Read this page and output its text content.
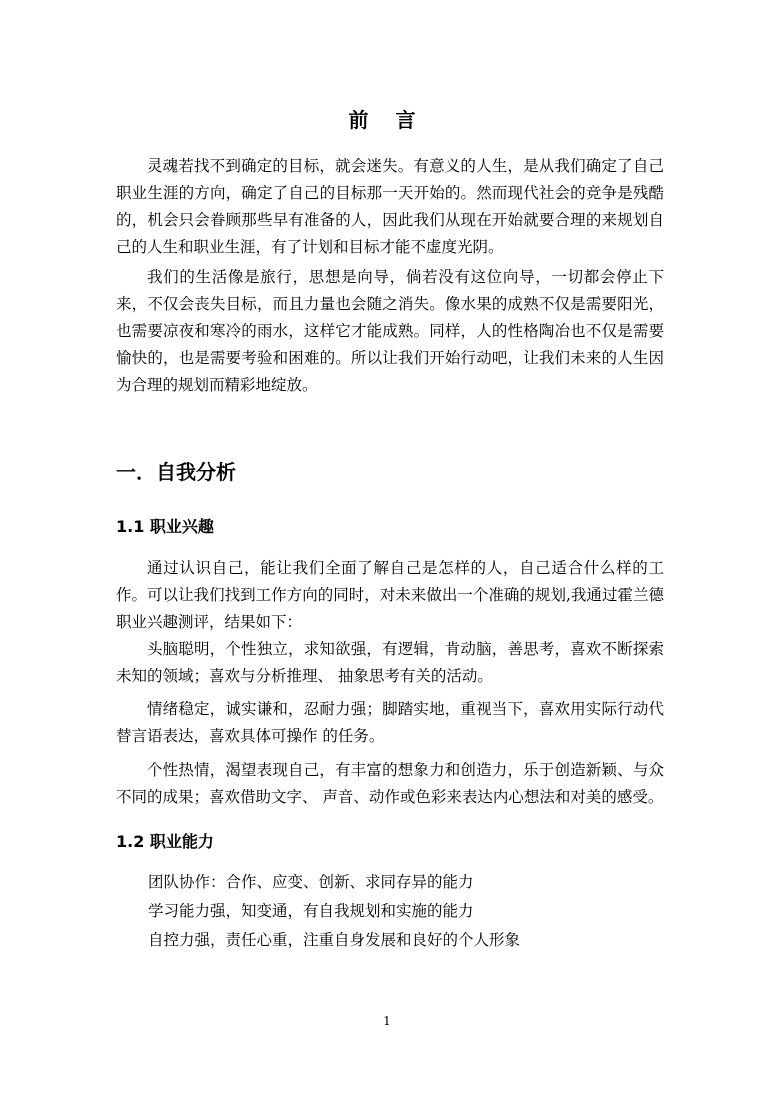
前 言

灵魂若找不到确定的目标，就会迷失。有意义的人生，是从我们确定了自己职业生涯的方向，确定了自己的目标那一天开始的。然而现代社会的竞争是残酷的，机会只会眷顾那些早有准备的人，因此我们从现在开始就要合理的来规划自己的人生和职业生涯，有了计划和目标才能不虚度光阴。

我们的生活像是旅行，思想是向导，倘若没有这位向导，一切都会停止下来，不仅会丧失目标，而且力量也会随之消失。像水果的成熟不仅是需要阳光，也需要凉夜和寒冷的雨水，这样它才能成熟。同样，人的性格陶冶也不仅是需要愉快的，也是需要考验和困难的。所以让我们开始行动吧，让我们未来的人生因为合理的规划而精彩地绽放。

一．自我分析
1.1 职业兴趣

通过认识自己，能让我们全面了解自己是怎样的人，自己适合什么样的工作。可以让我们找到工作方向的同时，对未来做出一个准确的规划,我通过霍兰德职业兴趣测评，结果如下：

头脑聪明，个性独立，求知欲强，有逻辑，肯动脑，善思考，喜欢不断探索未知的领域；喜欢与分析推理、 抽象思考有关的活动。

情绪稳定，诚实谦和，忍耐力强；脚踏实地，重视当下，喜欢用实际行动代替言语表达，喜欢具体可操作 的任务。

个性热情，渴望表现自己，有丰富的想象力和创造力，乐于创造新颖、与众不同的成果；喜欢借助文字、 声音、动作或色彩来表达内心想法和对美的感受。

1.2 职业能力

团队协作：合作、应变、创新、求同存异的能力

学习能力强，知变通，有自我规划和实施的能力

自控力强，责任心重，注重自身发展和良好的个人形象

1
